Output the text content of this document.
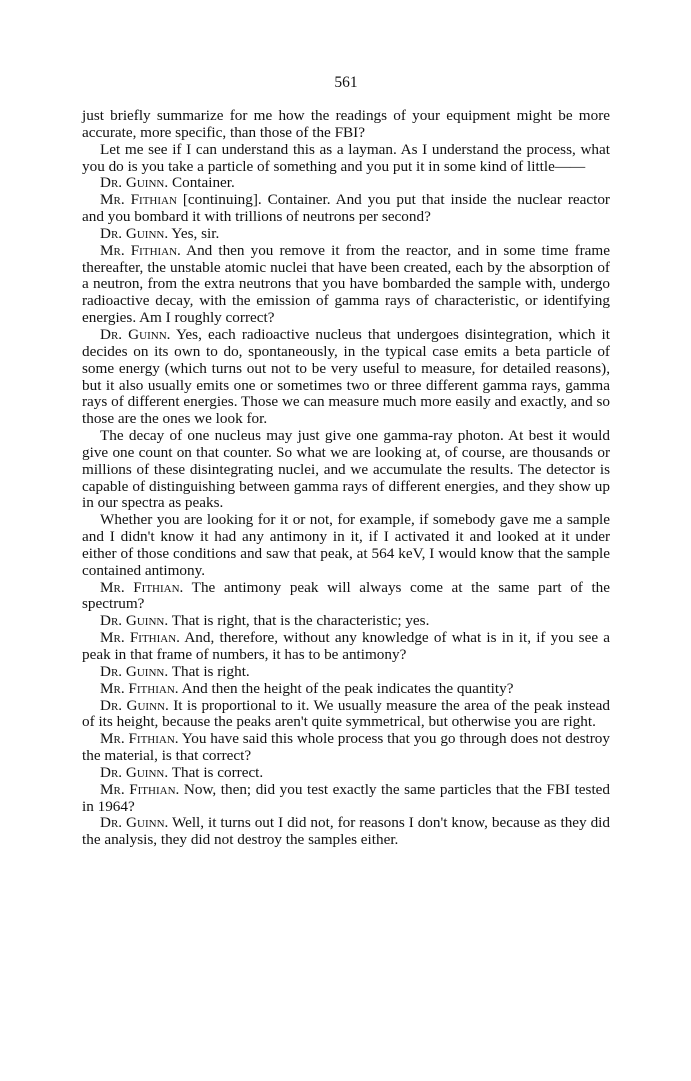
561

just briefly summarize for me how the readings of your equipment might be more accurate, more specific, than those of the FBI?

Let me see if I can understand this as a layman. As I understand the process, what you do is you take a particle of something and you put it in some kind of little——

Dr. Guinn. Container.

Mr. Fithian [continuing]. Container. And you put that inside the nuclear reactor and you bombard it with trillions of neutrons per second?

Dr. Guinn. Yes, sir.

Mr. Fithian. And then you remove it from the reactor, and in some time frame thereafter, the unstable atomic nuclei that have been created, each by the absorption of a neutron, from the extra neutrons that you have bombarded the sample with, undergo radioactive decay, with the emission of gamma rays of characteristic, or identifying energies. Am I roughly correct?

Dr. Guinn. Yes, each radioactive nucleus that undergoes disintegration, which it decides on its own to do, spontaneously, in the typical case emits a beta particle of some energy (which turns out not to be very useful to measure, for detailed reasons), but it also usually emits one or sometimes two or three different gamma rays, gamma rays of different energies. Those we can measure much more easily and exactly, and so those are the ones we look for.

The decay of one nucleus may just give one gamma-ray photon. At best it would give one count on that counter. So what we are looking at, of course, are thousands or millions of these disintegrating nuclei, and we accumulate the results. The detector is capable of distinguishing between gamma rays of different energies, and they show up in our spectra as peaks.

Whether you are looking for it or not, for example, if somebody gave me a sample and I didn't know it had any antimony in it, if I activated it and looked at it under either of those conditions and saw that peak, at 564 keV, I would know that the sample contained antimony.

Mr. Fithian. The antimony peak will always come at the same part of the spectrum?

Dr. Guinn. That is right, that is the characteristic; yes.

Mr. Fithian. And, therefore, without any knowledge of what is in it, if you see a peak in that frame of numbers, it has to be antimony?

Dr. Guinn. That is right.

Mr. Fithian. And then the height of the peak indicates the quantity?

Dr. Guinn. It is proportional to it. We usually measure the area of the peak instead of its height, because the peaks aren't quite symmetrical, but otherwise you are right.

Mr. Fithian. You have said this whole process that you go through does not destroy the material, is that correct?

Dr. Guinn. That is correct.

Mr. Fithian. Now, then; did you test exactly the same particles that the FBI tested in 1964?

Dr. Guinn. Well, it turns out I did not, for reasons I don't know, because as they did the analysis, they did not destroy the samples either.
